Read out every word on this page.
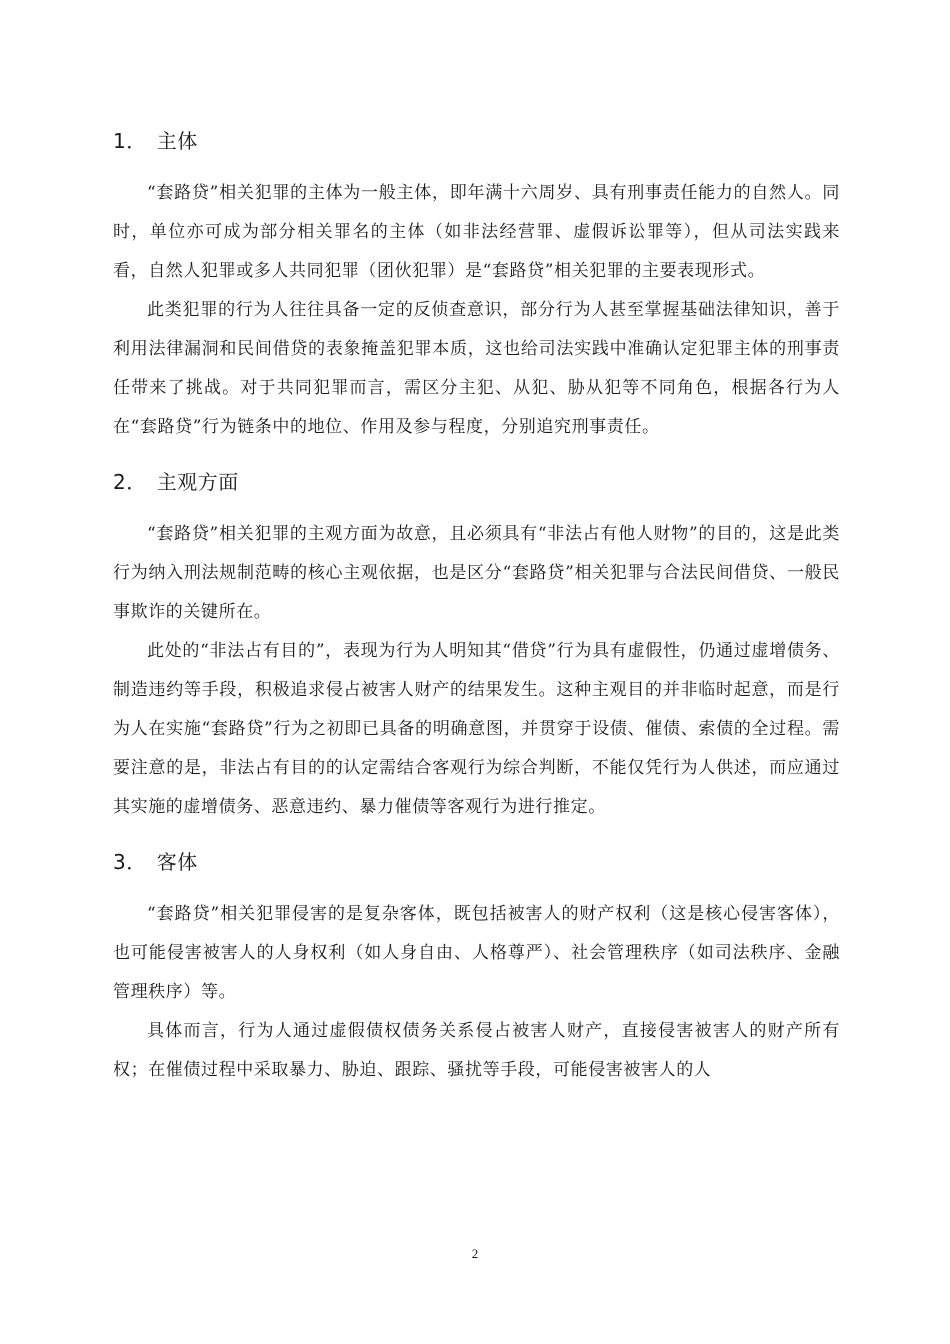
1． 主体

“套路贷”相关犯罪的主体为一般主体，即年满十六周岁、具有刑事责任能力的自然人。同时，单位亦可成为部分相关罪名的主体（如非法经营罪、虚假诉讼罪等），但从司法实践来看，自然人犯罪或多人共同犯罪（团伙犯罪）是“套路贷”相关犯罪的主要表现形式。

此类犯罪的行为人往往具备一定的反侦查意识，部分行为人甚至掌握基础法律知识，善于利用法律漏洞和民间借贷的表象掩盖犯罪本质，这也给司法实践中准确认定犯罪主体的刑事责任带来了挑战。对于共同犯罪而言，需区分主犯、从犯、胁从犯等不同角色，根据各行为人在“套路贷”行为链条中的地位、作用及参与程度，分别追究刑事责任。

2． 主观方面

“套路贷”相关犯罪的主观方面为故意，且必须具有“非法占有他人财物”的目的，这是此类行为纳入刑法规制范畴的核心主观依据，也是区分“套路贷”相关犯罪与合法民间借贷、一般民事欺诈的关键所在。

此处的“非法占有目的”，表现为行为人明知其“借贷”行为具有虚假性，仍通过虚增债务、制造违约等手段，积极追求侵占被害人财产的结果发生。这种主观目的并非临时起意，而是行为人在实施“套路贷”行为之初即已具备的明确意图，并贯穿于设债、催债、索债的全过程。需要注意的是，非法占有目的的认定需结合客观行为综合判断，不能仅凭行为人供述，而应通过其实施的虚增债务、恶意违约、暴力催债等客观行为进行推定。

3． 客体

“套路贷”相关犯罪侵害的是复杂客体，既包括被害人的财产权利（这是核心侵害客体），也可能侵害被害人的人身权利（如人身自由、人格尊严）、社会管理秩序（如司法秩序、金融管理秩序）等。

具体而言，行为人通过虚假债权债务关系侵占被害人财产，直接侵害被害人的财产所有权；在催债过程中采取暴力、胁迫、跟踪、骚扰等手段，可能侵害被害人的人

2
